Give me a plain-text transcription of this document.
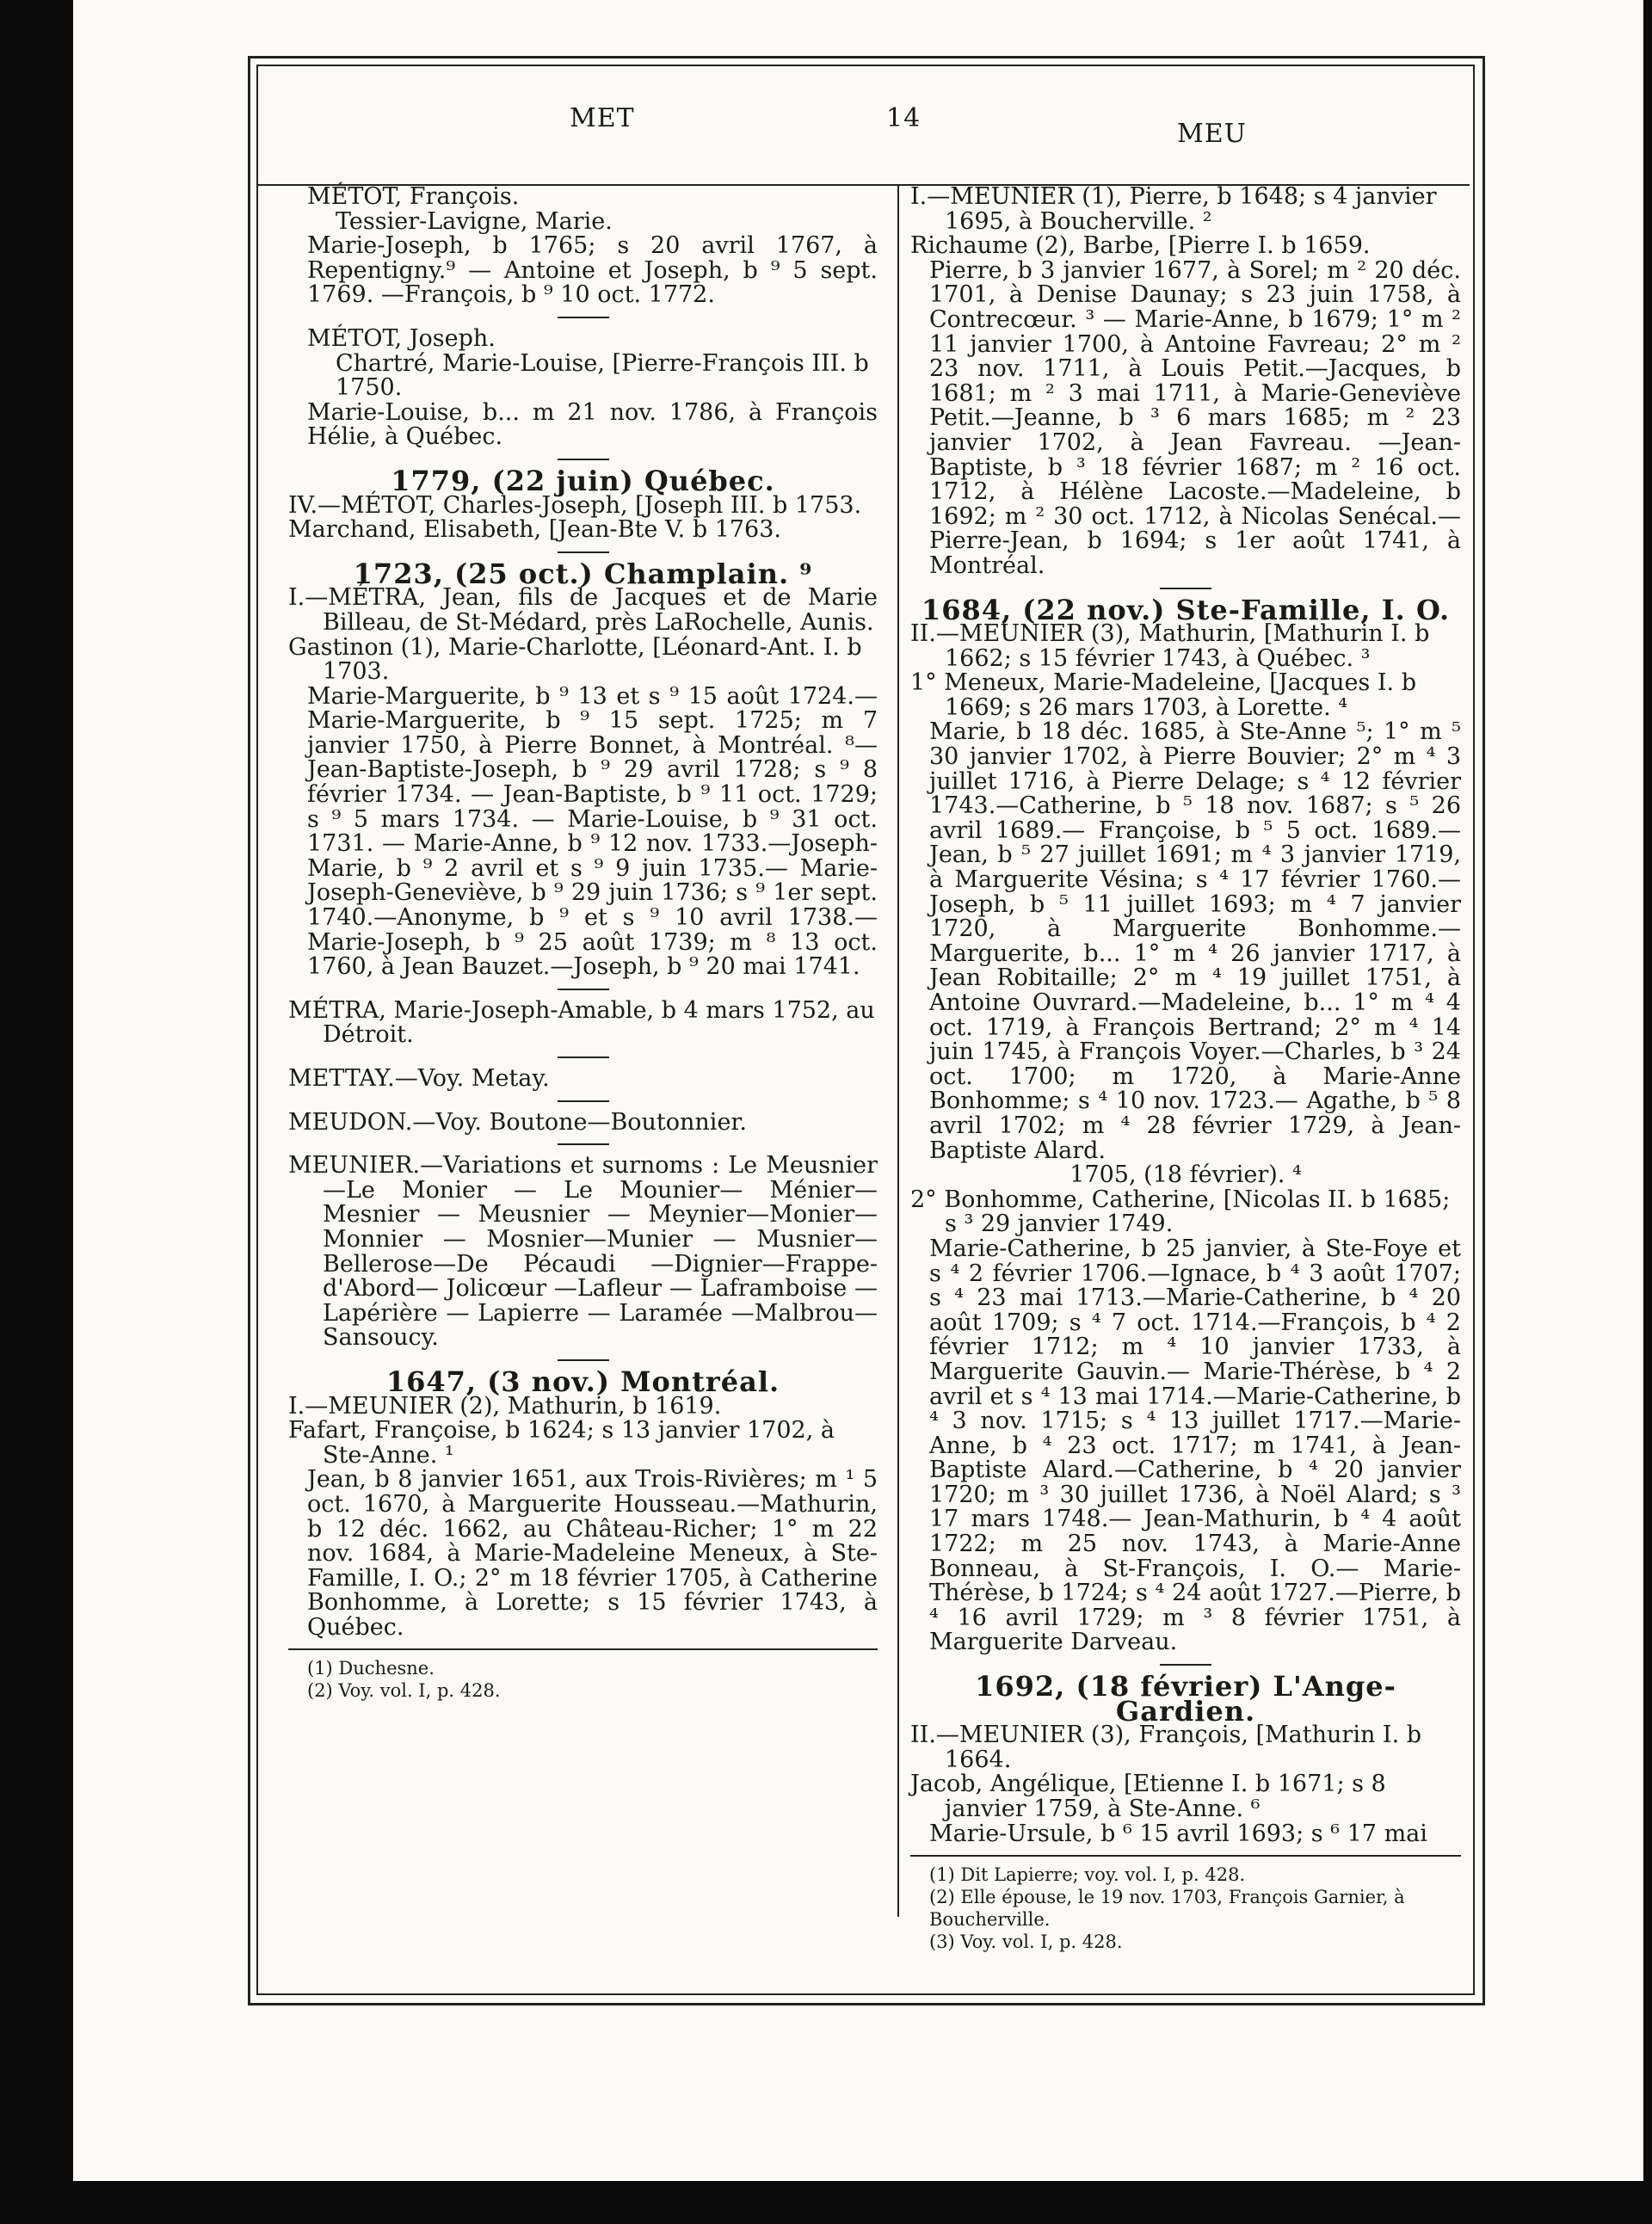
MET	14
MEU

MÉTOT, François.

Tessier-Lavigne, Marie.

Marie-Joseph, b 1765; s 20 avril 1767, à Repentigny.⁹ — Antoine et Joseph, b ⁹ 5 sept. 1769. —François, b ⁹ 10 oct. 1772.

MÉTOT, Joseph.

Chartré, Marie-Louise, [Pierre-François III. b 1750.

Marie-Louise, b... m 21 nov. 1786, à François Hélie, à Québec.

1779, (22 juin) Québec.

IV.—MÉTOT, Charles-Joseph, [Joseph III. b 1753.

Marchand, Elisabeth, [Jean-Bte V. b 1763.

1723, (25 oct.) Champlain. ⁹

I.—MÉTRA, Jean, fils de Jacques et de Marie Billeau, de St-Médard, près LaRochelle, Aunis.

Gastinon (1), Marie-Charlotte, [Léonard-Ant. I. b 1703.

Marie-Marguerite, b ⁹ 13 et s ⁹ 15 août 1724.— Marie-Marguerite, b ⁹ 15 sept. 1725; m 7 janvier 1750, à Pierre Bonnet, à Montréal. ⁸—Jean-Baptiste-Joseph, b ⁹ 29 avril 1728; s ⁹ 8 février 1734. — Jean-Baptiste, b ⁹ 11 oct. 1729; s ⁹ 5 mars 1734. — Marie-Louise, b ⁹ 31 oct. 1731. — Marie-Anne, b ⁹ 12 nov. 1733.—Joseph-Marie, b ⁹ 2 avril et s ⁹ 9 juin 1735.— Marie-Joseph-Geneviève, b ⁹ 29 juin 1736; s ⁹ 1er sept. 1740.—Anonyme, b ⁹ et s ⁹ 10 avril 1738.— Marie-Joseph, b ⁹ 25 août 1739; m ⁸ 13 oct. 1760, à Jean Bauzet.—Joseph, b ⁹ 20 mai 1741.

MÉTRA, Marie-Joseph-Amable, b 4 mars 1752, au Détroit.

METTAY.—Voy. Metay.

MEUDON.—Voy. Boutone—Boutonnier.

MEUNIER.—Variations et surnoms : Le Meusnier—Le Monier — Le Mounier— Ménier— Mesnier — Meusnier — Meynier—Monier— Monnier — Mosnier—Munier — Musnier— Bellerose—De Pécaudi —Dignier—Frappe-d'Abord— Jolicœur —Lafleur — Laframboise — Lapérière — Lapierre — Laramée —Malbrou—Sansoucy.

1647, (3 nov.) Montréal.

I.—MEUNIER (2), Mathurin, b 1619.

Fafart, Françoise, b 1624; s 13 janvier 1702, à Ste-Anne. ¹

Jean, b 8 janvier 1651, aux Trois-Rivières; m ¹ 5 oct. 1670, à Marguerite Housseau.—Mathurin, b 12 déc. 1662, au Château-Richer; 1° m 22 nov. 1684, à Marie-Madeleine Meneux, à Ste-Famille, I. O.; 2° m 18 février 1705, à Catherine Bonhomme, à Lorette; s 15 février 1743, à Québec.

(1) Duchesne.

(2) Voy. vol. I, p. 428.

I.—MEUNIER (1), Pierre, b 1648; s 4 janvier 1695, à Boucherville. ²

Richaume (2), Barbe, [Pierre I. b 1659.

Pierre, b 3 janvier 1677, à Sorel; m ² 20 déc. 1701, à Denise Daunay; s 23 juin 1758, à Contrecœur. ³ — Marie-Anne, b 1679; 1° m ² 11 janvier 1700, à Antoine Favreau; 2° m ² 23 nov. 1711, à Louis Petit.—Jacques, b 1681; m ² 3 mai 1711, à Marie-Geneviève Petit.—Jeanne, b ³ 6 mars 1685; m ² 23 janvier 1702, à Jean Favreau. —Jean-Baptiste, b ³ 18 février 1687; m ² 16 oct. 1712, à Hélène Lacoste.—Madeleine, b 1692; m ² 30 oct. 1712, à Nicolas Senécal.—Pierre-Jean, b 1694; s 1er août 1741, à Montréal.

1684, (22 nov.) Ste-Famille, I. O.

II.—MEUNIER (3), Mathurin, [Mathurin I. b 1662; s 15 février 1743, à Québec. ³

1° Meneux, Marie-Madeleine, [Jacques I. b 1669; s 26 mars 1703, à Lorette. ⁴

Marie, b 18 déc. 1685, à Ste-Anne ⁵; 1° m ⁵ 30 janvier 1702, à Pierre Bouvier; 2° m ⁴ 3 juillet 1716, à Pierre Delage; s ⁴ 12 février 1743.—Catherine, b ⁵ 18 nov. 1687; s ⁵ 26 avril 1689.— Françoise, b ⁵ 5 oct. 1689.—Jean, b ⁵ 27 juillet 1691; m ⁴ 3 janvier 1719, à Marguerite Vésina; s ⁴ 17 février 1760.—Joseph, b ⁵ 11 juillet 1693; m ⁴ 7 janvier 1720, à Marguerite Bonhomme.— Marguerite, b... 1° m ⁴ 26 janvier 1717, à Jean Robitaille; 2° m ⁴ 19 juillet 1751, à Antoine Ouvrard.—Madeleine, b... 1° m ⁴ 4 oct. 1719, à François Bertrand; 2° m ⁴ 14 juin 1745, à François Voyer.—Charles, b ³ 24 oct. 1700; m 1720, à Marie-Anne Bonhomme; s ⁴ 10 nov. 1723.— Agathe, b ⁵ 8 avril 1702; m ⁴ 28 février 1729, à Jean-Baptiste Alard.

1705, (18 février). ⁴

2° Bonhomme, Catherine, [Nicolas II. b 1685; s ³ 29 janvier 1749.

Marie-Catherine, b 25 janvier, à Ste-Foye et s ⁴ 2 février 1706.—Ignace, b ⁴ 3 août 1707; s ⁴ 23 mai 1713.—Marie-Catherine, b ⁴ 20 août 1709; s ⁴ 7 oct. 1714.—François, b ⁴ 2 février 1712; m ⁴ 10 janvier 1733, à Marguerite Gauvin.— Marie-Thérèse, b ⁴ 2 avril et s ⁴ 13 mai 1714.—Marie-Catherine, b ⁴ 3 nov. 1715; s ⁴ 13 juillet 1717.—Marie-Anne, b ⁴ 23 oct. 1717; m 1741, à Jean-Baptiste Alard.—Catherine, b ⁴ 20 janvier 1720; m ³ 30 juillet 1736, à Noël Alard; s ³ 17 mars 1748.— Jean-Mathurin, b ⁴ 4 août 1722; m 25 nov. 1743, à Marie-Anne Bonneau, à St-François, I. O.— Marie-Thérèse, b 1724; s ⁴ 24 août 1727.—Pierre, b ⁴ 16 avril 1729; m ³ 8 février 1751, à Marguerite Darveau.

1692, (18 février) L'Ange-Gardien.

II.—MEUNIER (3), François, [Mathurin I. b 1664.

Jacob, Angélique, [Etienne I. b 1671; s 8 janvier 1759, à Ste-Anne. ⁶

Marie-Ursule, b ⁶ 15 avril 1693; s ⁶ 17 mai

(1) Dit Lapierre; voy. vol. I, p. 428.

(2) Elle épouse, le 19 nov. 1703, François Garnier, à Boucherville.

(3) Voy. vol. I, p. 428.
